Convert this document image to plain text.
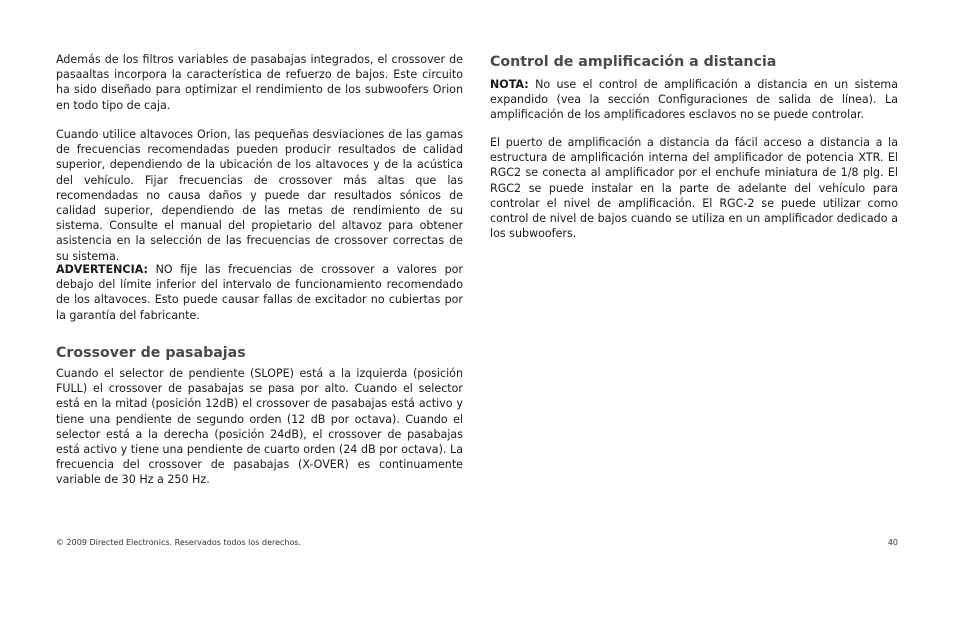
Además de los filtros variables de pasabajas integrados, el crossover de pasaaltas incorpora la característica de refuerzo de bajos. Este circuito ha sido diseñado para optimizar el rendimiento de los subwoofers Orion en todo tipo de caja.

Cuando utilice altavoces Orion, las pequeñas desviaciones de las gamas de frecuencias recomendadas pueden producir resultados de calidad superior, dependiendo de la ubicación de los altavoces y de la acústica del vehículo. Fijar frecuencias de crossover más altas que las recomendadas no causa daños y puede dar resultados sónicos de calidad superior, dependiendo de las metas de rendimiento de su sistema. Consulte el manual del propietario del altavoz para obtener asistencia en la selección de las frecuencias de crossover correctas de su sistema.

ADVERTENCIA: NO fije las frecuencias de crossover a valores por debajo del límite inferior del intervalo de funcionamiento recomendado de los altavoces. Esto puede causar fallas de excitador no cubiertas por la garantía del fabricante.

Crossover de pasabajas

Cuando el selector de pendiente (SLOPE) está a la izquierda (posición FULL) el crossover de pasabajas se pasa por alto. Cuando el selector está en la mitad (posición 12dB) el crossover de pasabajas está activo y tiene una pendiente de segundo orden (12 dB por octava). Cuando el selector está a la derecha (posición 24dB), el crossover de pasabajas está activo y tiene una pendiente de cuarto orden (24 dB por octava). La frecuencia del crossover de pasabajas (X-OVER) es continuamente variable de 30 Hz a 250 Hz.

Control de amplificación a distancia

NOTA: No use el control de amplificación a distancia en un sistema expandido (vea la sección Configuraciones de salida de línea). La amplificación de los amplificadores esclavos no se puede controlar.

El puerto de amplificación a distancia da fácil acceso a distancia a la estructura de amplificación interna del amplificador de potencia XTR. El RGC2 se conecta al amplificador por el enchufe miniatura de 1/8 plg. El RGC2 se puede instalar en la parte de adelante del vehículo para controlar el nivel de amplificación. El RGC-2 se puede utilizar como control de nivel de bajos cuando se utiliza en un amplificador dedicado a los subwoofers.

© 2009 Directed Electronics. Reservados todos los derechos.	40
